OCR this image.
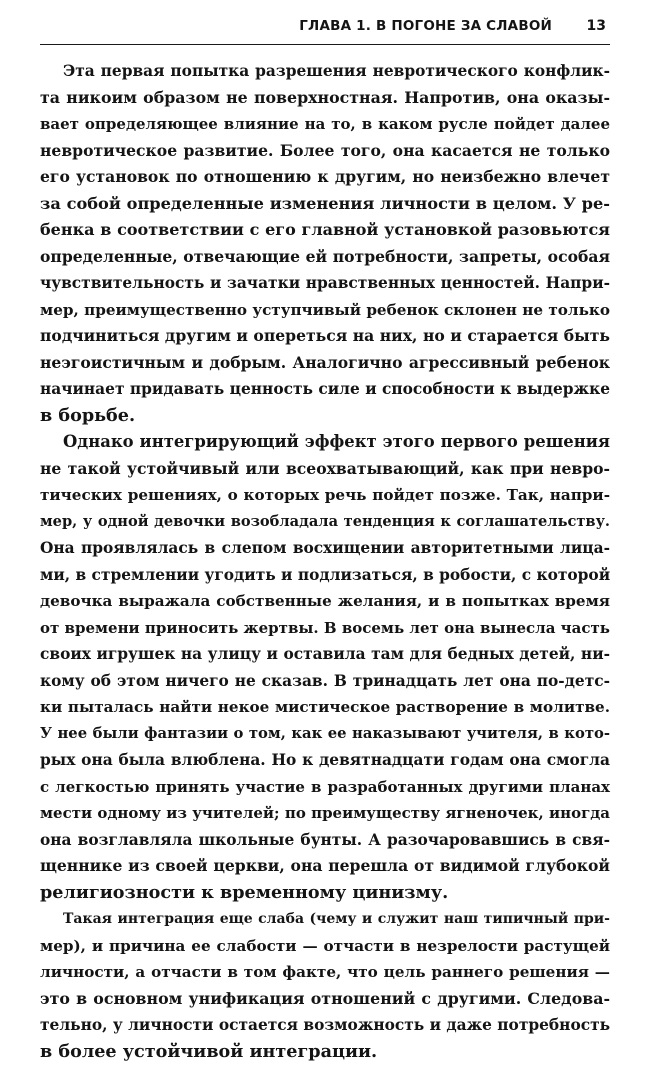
ГЛАВА 1. В ПОГОНЕ ЗА СЛАВОЙ 13
Эта первая попытка разрешения невротического конфлик-
та никоим образом не поверхностная. Напротив, она оказы-
вает определяющее влияние на то, в каком русле пойдет далее
невротическое развитие. Более того, она касается не только
его установок по отношению к другим, но неизбежно влечет
за собой определенные изменения личности в целом. У ре-
бенка в соответствии с его главной установкой разовьются
определенные, отвечающие ей потребности, запреты, особая
чувствительность и зачатки нравственных ценностей. Напри-
мер, преимущественно уступчивый ребенок склонен не только
подчиниться другим и опереться на них, но и старается быть
неэгоистичным и добрым. Аналогично агрессивный ребенок
начинает придавать ценность силе и способности к выдержке
в борьбе.
Однако интегрирующий эффект этого первого решения
не такой устойчивый или всеохватывающий, как при невро-
тических решениях, о которых речь пойдет позже. Так, напри-
мер, у одной девочки возобладала тенденция к соглашательству.
Она проявлялась в слепом восхищении авторитетными лица-
ми, в стремлении угодить и подлизаться, в робости, с которой
девочка выражала собственные желания, и в попытках время
от времени приносить жертвы. В восемь лет она вынесла часть
своих игрушек на улицу и оставила там для бедных детей, ни-
кому об этом ничего не сказав. В тринадцать лет она по-детс-
ки пыталась найти некое мистическое растворение в молитве.
У нее были фантазии о том, как ее наказывают учителя, в кото-
рых она была влюблена. Но к девятнадцати годам она смогла
с легкостью принять участие в разработанных другими планах
мести одному из учителей; по преимуществу ягненочек, иногда
она возглавляла школьные бунты. А разочаровавшись в свя-
щеннике из своей церкви, она перешла от видимой глубокой
религиозности к временному цинизму.
Такая интеграция еще слаба (чему и служит наш типичный при-
мер), и причина ее слабости — отчасти в незрелости растущей
личности, а отчасти в том факте, что цель раннего решения —
это в основном унификация отношений с другими. Следова-
тельно, у личности остается возможность и даже потребность
в более устойчивой интеграции.
